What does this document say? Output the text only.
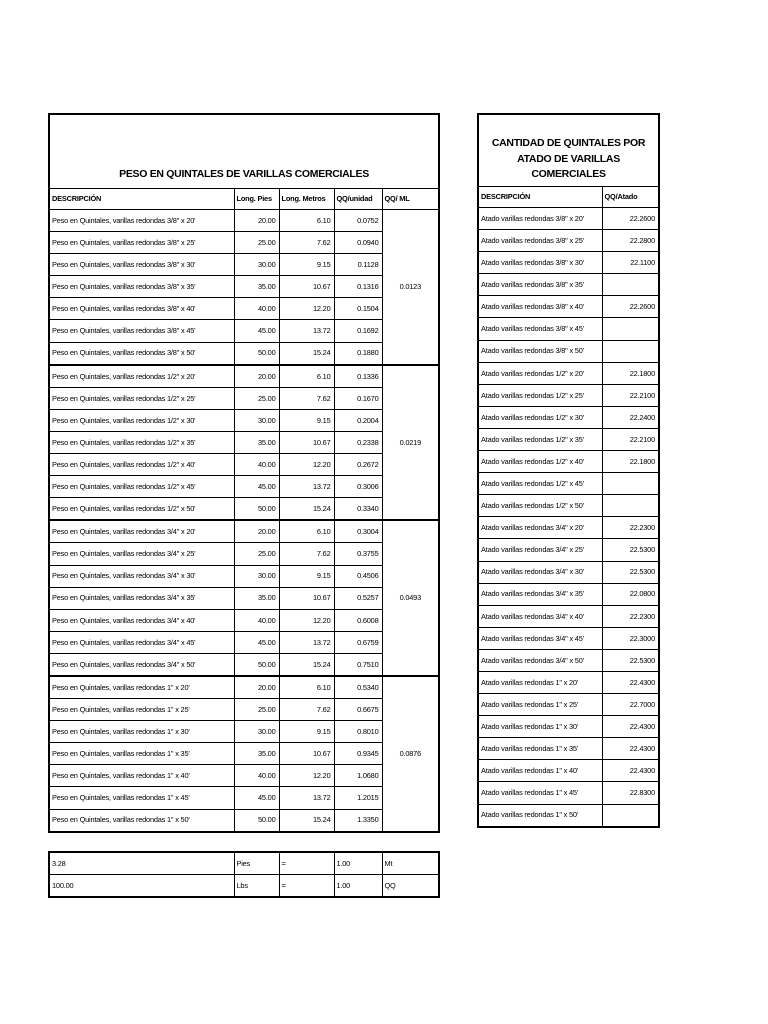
PESO EN QUINTALES DE VARILLAS COMERCIALES				
DESCRIPCIÓN	Long. Pies	Long. Metros	QQ/unidad	QQ/ ML
Peso en Quintales, varillas redondas 3/8" x 20'	20.00	6.10	0.0752	0.0123
Peso en Quintales, varillas redondas 3/8" x 25'	25.00	7.62	0.0940	
Peso en Quintales, varillas redondas 3/8" x 30'	30.00	9.15	0.1128	
Peso en Quintales, varillas redondas 3/8" x 35'	35.00	10.67	0.1316	
Peso en Quintales, varillas redondas 3/8" x 40'	40.00	12.20	0.1504	
Peso en Quintales, varillas redondas 3/8" x 45'	45.00	13.72	0.1692	
Peso en Quintales, varillas redondas 3/8" x 50'	50.00	15.24	0.1880	
Peso en Quintales, varillas redondas 1/2" x 20'	20.00	6.10	0.1336	0.0219
Peso en Quintales, varillas redondas 1/2" x 25'	25.00	7.62	0.1670	
Peso en Quintales, varillas redondas 1/2" x 30'	30.00	9.15	0.2004	
Peso en Quintales, varillas redondas 1/2" x 35'	35.00	10.67	0.2338	
Peso en Quintales, varillas redondas 1/2" x 40'	40.00	12.20	0.2672	
Peso en Quintales, varillas redondas 1/2" x 45'	45.00	13.72	0.3006	
Peso en Quintales, varillas redondas 1/2" x 50'	50.00	15.24	0.3340	
Peso en Quintales, varillas redondas 3/4" x 20'	20.00	6.10	0.3004	0.0493
Peso en Quintales, varillas redondas 3/4" x 25'	25.00	7.62	0.3755	
Peso en Quintales, varillas redondas 3/4" x 30'	30.00	9.15	0.4506	
Peso en Quintales, varillas redondas 3/4" x 35'	35.00	10.67	0.5257	
Peso en Quintales, varillas redondas 3/4" x 40'	40.00	12.20	0.6008	
Peso en Quintales, varillas redondas 3/4" x 45'	45.00	13.72	0.6759	
Peso en Quintales, varillas redondas 3/4" x 50'	50.00	15.24	0.7510	
Peso en Quintales, varillas redondas 1" x 20'	20.00	6.10	0.5340	0.0876
Peso en Quintales, varillas redondas 1" x 25'	25.00	7.62	0.6675	
Peso en Quintales, varillas redondas 1" x 30'	30.00	9.15	0.8010	
Peso en Quintales, varillas redondas 1" x 35'	35.00	10.67	0.9345	
Peso en Quintales, varillas redondas 1" x 40'	40.00	12.20	1.0680	
Peso en Quintales, varillas redondas 1" x 45'	45.00	13.72	1.2015	
Peso en Quintales, varillas redondas 1" x 50'	50.00	15.24	1.3350	
CANTIDAD DE QUINTALES POR ATADO DE VARILLAS COMERCIALES	
DESCRIPCIÓN	QQ/Atado
Atado varillas redondas 3/8" x 20'	22.2600
Atado varillas redondas 3/8" x 25'	22.2800
Atado varillas redondas 3/8" x 30'	22.1100
Atado varillas redondas 3/8" x 35'	
Atado varillas redondas 3/8" x 40'	22.2600
Atado varillas redondas 3/8" x 45'	
Atado varillas redondas 3/8" x 50'	
Atado varillas redondas 1/2" x 20'	22.1800
Atado varillas redondas 1/2" x 25'	22.2100
Atado varillas redondas 1/2" x 30'	22.2400
Atado varillas redondas 1/2" x 35'	22.2100
Atado varillas redondas 1/2" x 40'	22.1800
Atado varillas redondas 1/2" x 45'	
Atado varillas redondas 1/2" x 50'	
Atado varillas redondas 3/4" x 20'	22.2300
Atado varillas redondas 3/4" x 25'	22.5300
Atado varillas redondas 3/4" x 30'	22.5300
Atado varillas redondas 3/4" x 35'	22.0800
Atado varillas redondas 3/4" x 40'	22.2300
Atado varillas redondas 3/4" x 45'	22.3000
Atado varillas redondas 3/4" x 50'	22.5300
Atado varillas redondas 1" x 20'	22.4300
Atado varillas redondas 1" x 25'	22.7000
Atado varillas redondas 1" x 30'	22.4300
Atado varillas redondas 1" x 35'	22.4300
Atado varillas redondas 1" x 40'	22.4300
Atado varillas redondas 1" x 45'	22.8300
Atado varillas redondas 1" x 50'	
3.28	Pies	=	1.00	Mt
100.00	Lbs	=	1.00	QQ
